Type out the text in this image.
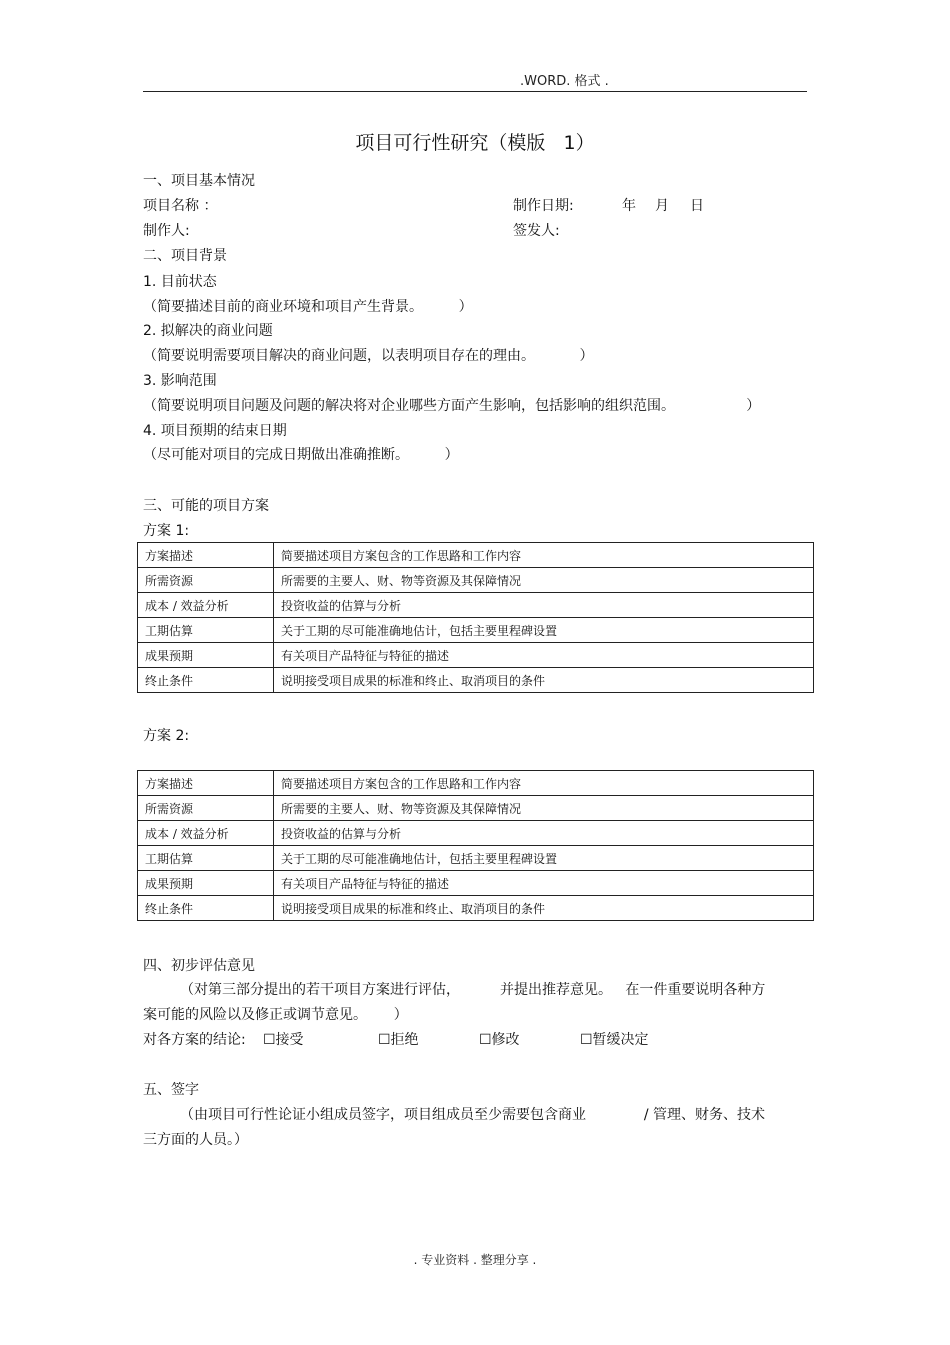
.WORD. 格式 .
项目可行性研究（模版   1）
一、项目基本情况
项目名称 ：	制作日期:	年 月 日
制作人:	签发人:
二、项目背景
1. 目前状态
（简要描述目前的商业环境和项目产生背景。        ）
2. 拟解决的商业问题
（简要说明需要项目解决的商业问题，以表明项目存在的理由。          ）
3. 影响范围
（简要说明项目问题及问题的解决将对企业哪些方面产生影响，包括影响的组织范围。                ）
4. 项目预期的结束日期
（尽可能对项目的完成日期做出准确推断。        ）
三、可能的项目方案
方案 1:
方案描述	简要描述项目方案包含的工作思路和工作内容
所需资源	所需要的主要人、财、物等资源及其保障情况
成本 / 效益分析	投资收益的估算与分析
工期估算	关于工期的尽可能准确地估计，包括主要里程碑设置
成果预期	有关项目产品特征与特征的描述
终止条件	说明接受项目成果的标准和终止、取消项目的条件
方案 2:
方案描述	简要描述项目方案包含的工作思路和工作内容
所需资源	所需要的主要人、财、物等资源及其保障情况
成本 / 效益分析	投资收益的估算与分析
工期估算	关于工期的尽可能准确地估计，包括主要里程碑设置
成果预期	有关项目产品特征与特征的描述
终止条件	说明接受项目成果的标准和终止、取消项目的条件
四、初步评估意见
（对第三部分提出的若干项目方案进行评估，         并提出推荐意见。   在一件重要说明各种方
案可能的风险以及修正或调节意见。      ）
对各方案的结论: ☐接受	☐拒绝	☐修改	☐暂缓决定
五、签字
（由项目可行性论证小组成员签字，项目组成员至少需要包含商业             / 管理、财务、技术
三方面的人员。）
. 专业资料 . 整理分享 .
